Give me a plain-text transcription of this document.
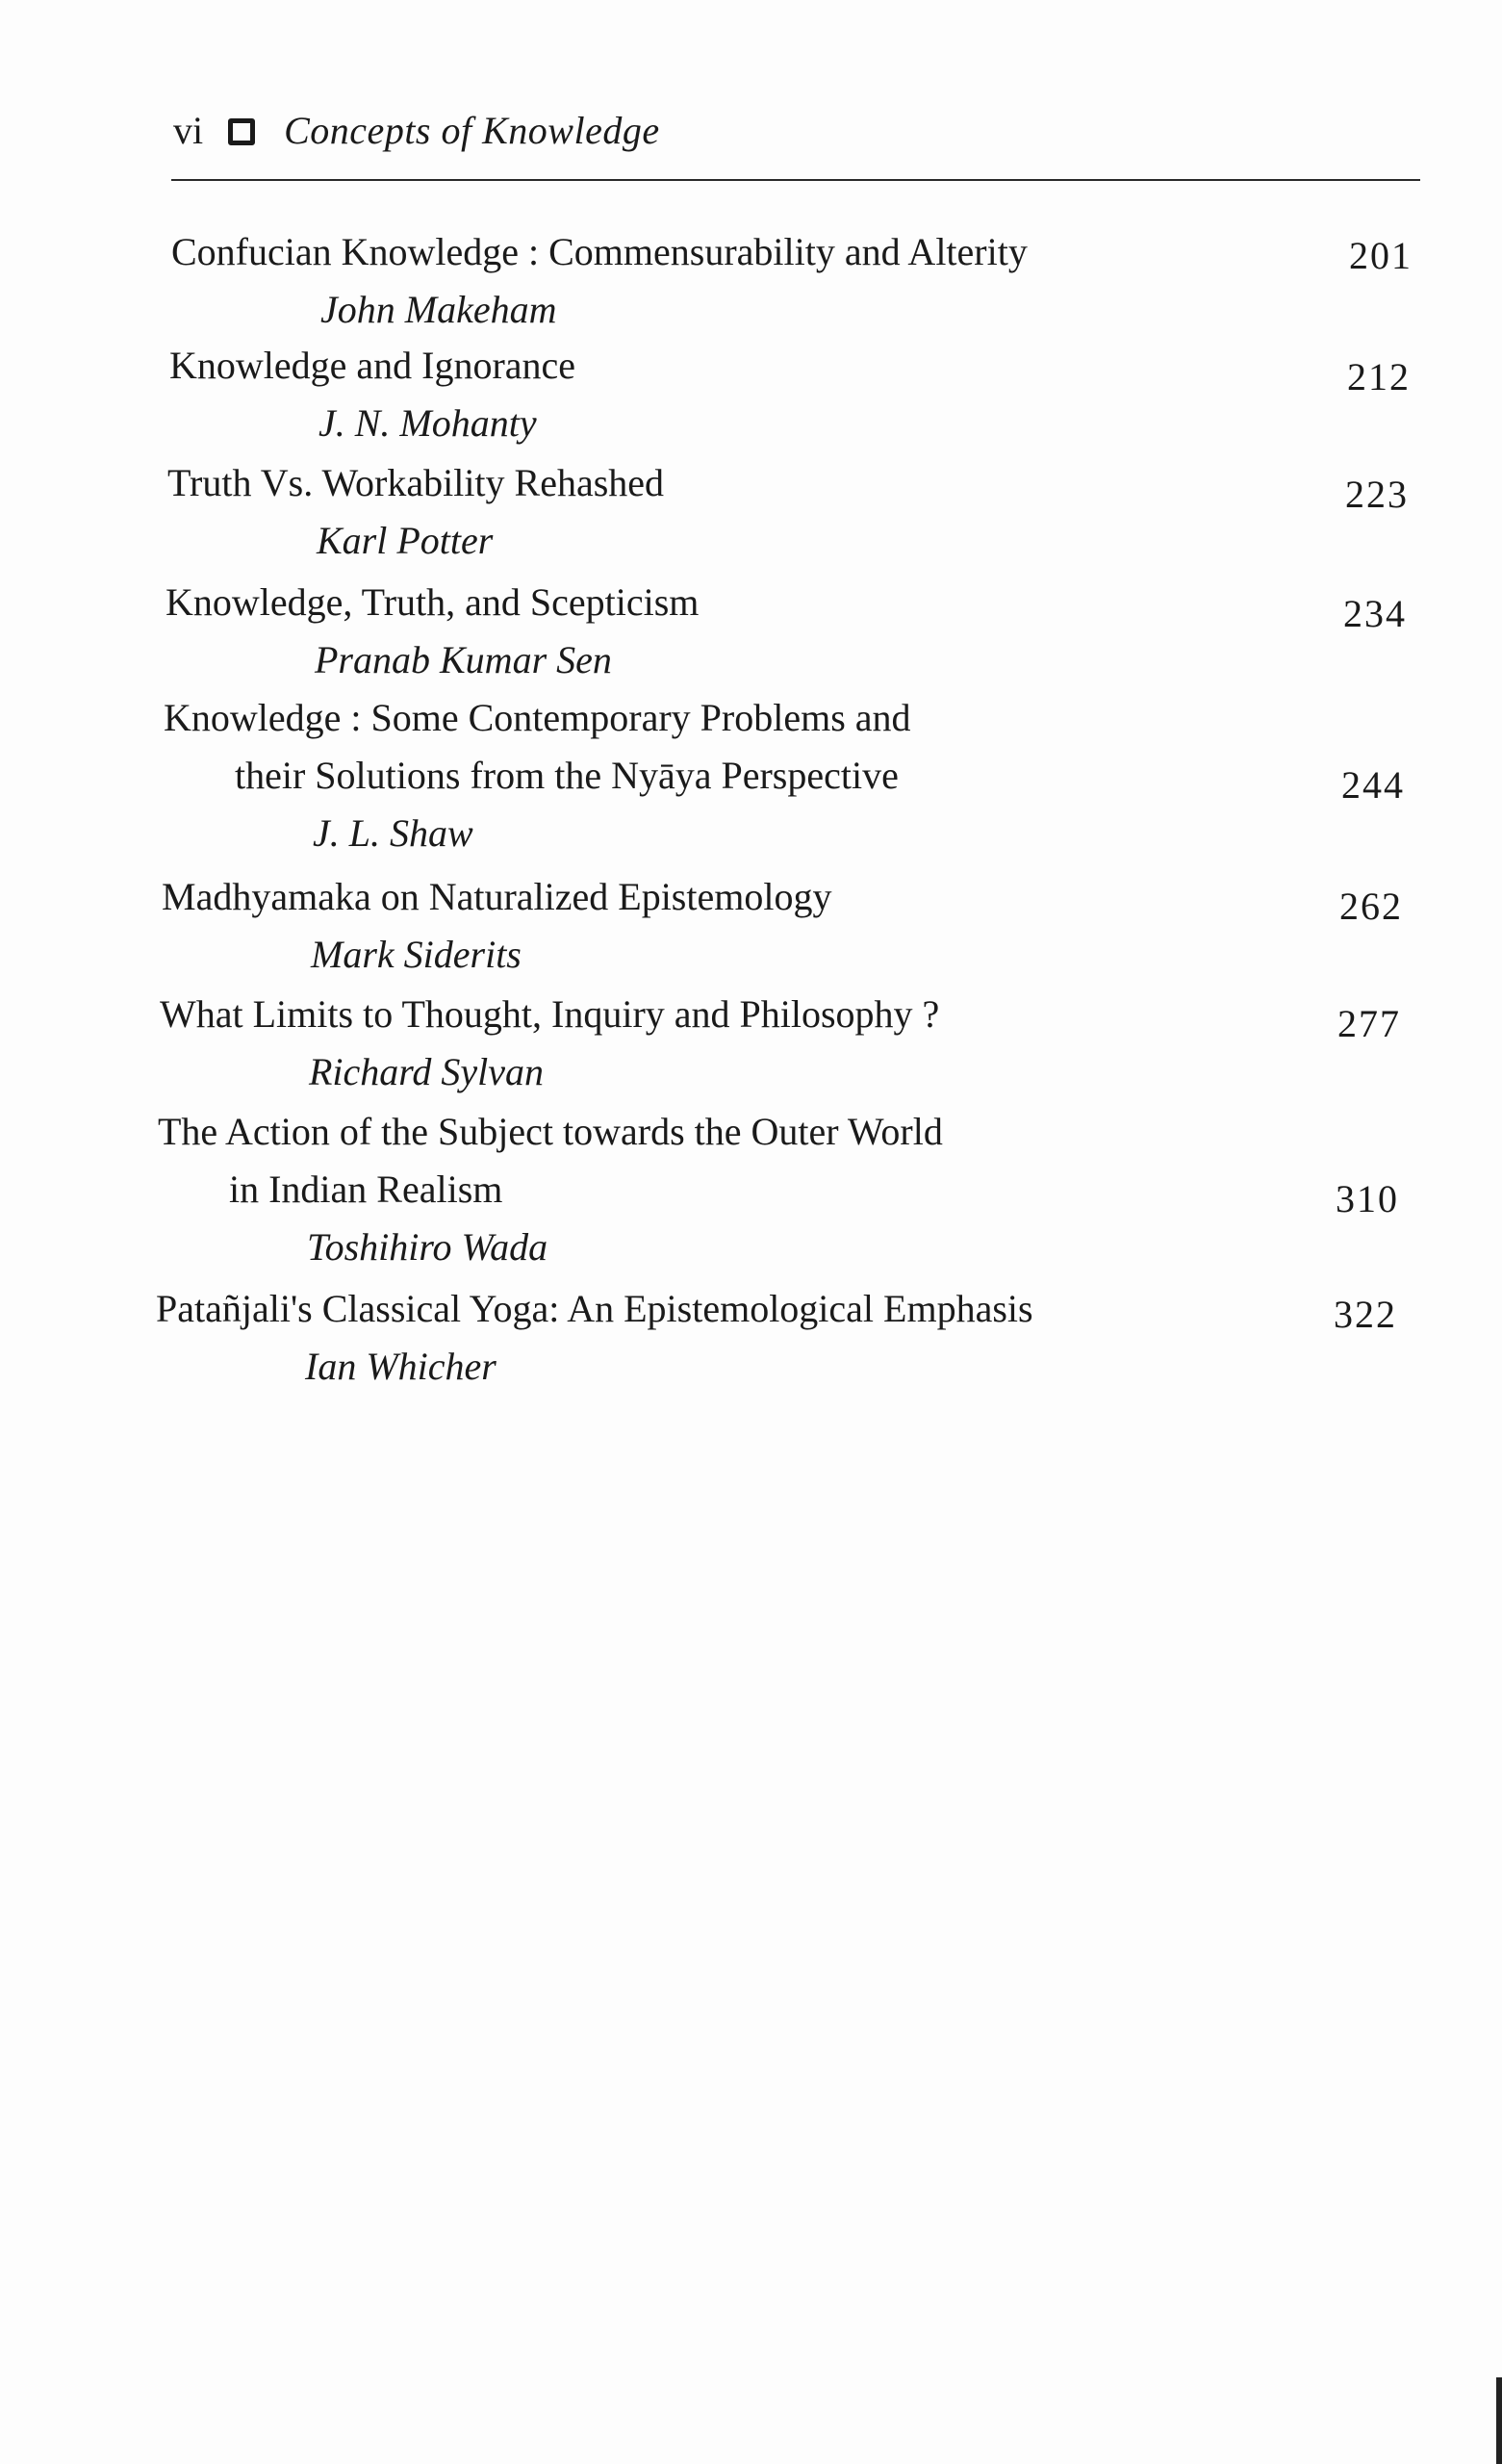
vi Concepts of Knowledge
Confucian Knowledge : Commensurability and Alterity
John Makeham
201
Knowledge and Ignorance
J. N. Mohanty
212
Truth Vs. Workability Rehashed
Karl Potter
223
Knowledge, Truth, and Scepticism
Pranab Kumar Sen
234
Knowledge : Some Contemporary Problems and
their Solutions from the Nyāya Perspective
J. L. Shaw
244
Madhyamaka on Naturalized Epistemology
Mark Siderits
262
What Limits to Thought, Inquiry and Philosophy ?
Richard Sylvan
277
The Action of the Subject towards the Outer World
in Indian Realism
Toshihiro Wada
310
Patañjali's Classical Yoga: An Epistemological Emphasis
Ian Whicher
322
